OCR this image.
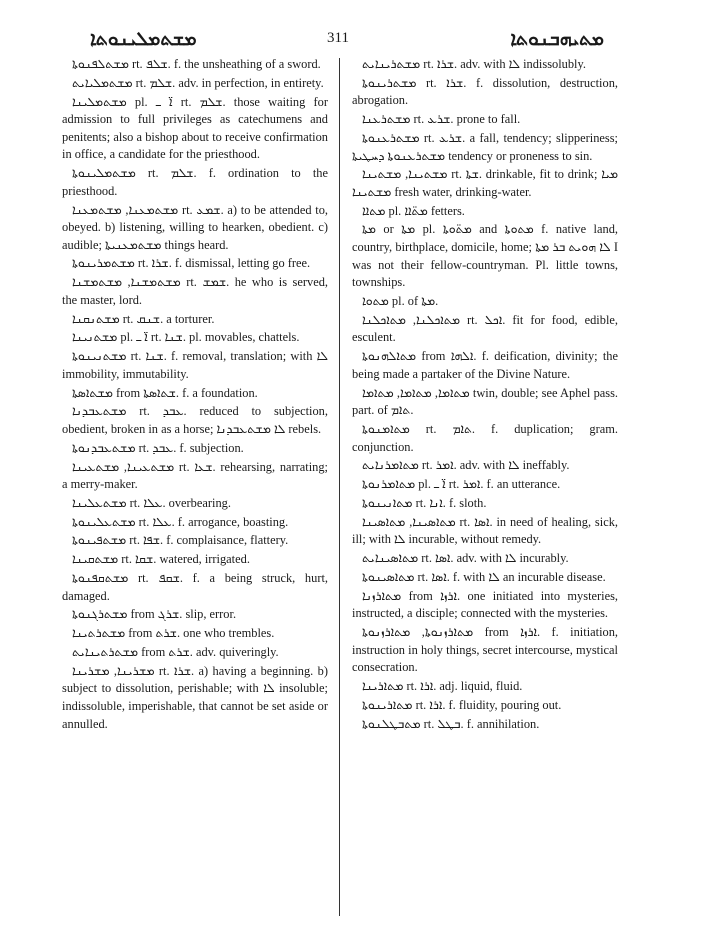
ܡܫܬܡܠܝܢܘܬܐ	311	ܡܬܝܗܒܢܘܬܐ

ܡܫܬܠܦܢܘܬܐ rt. ܫܠܦ. f. the unsheathing of a sword.

ܡܫܬܡܠܝܐܝܬ rt. ܫܠܡ. adv. in perfection, in entirety.

ܡܫܬܡܠܝܢܐ pl. ܐ̈ ـ rt. ܫܠܡ. those waiting for admission to full privileges as catechumens and penitents; also a bishop about to receive confirmation in office, a candidate for the priesthood.

ܡܫܬܡܠܝܢܘܬܐ rt. ܫܠܡ. f. ordination to the priesthood.

ܡܫܬܡܥܢܐ, ܡܫܬܡܥܢܐ rt. ܫܡܥ. a) to be attended to, obeyed. b) listening, willing to hearken, obedient. c) audible; ܡܫܬܡܥܢܝܬܐ things heard.

ܡܫܬܡܪܝܢܘܬܐ rt. ܫܪܐ. f. dismissal, letting go free.

ܡܫܬܡܫܢܐ, ܡܫܬܡܫܢܐ rt. ܫܡܫ. he who is served, the master, lord.

ܡܫܬܢܩܢܐ rt. ܫܢܩ. a torturer.

ܡܫܬܢܝܢܐ pl. ܐ̈ ـ rt. ܫܢܐ. pl. movables, chattels.

ܡܫܬܢܝܢܘܬܐ rt. ܫܢܐ. f. removal, translation; with ܠܐ immobility, immutability.

ܡܫܬܐܣܬܐ from ܫܬܐܣܬܐ. f. a foundation.

ܡܫܬܥܒܕܢܐ rt. ܥܒܕ. reduced to subjection, obedient, broken in as a horse; ܠܐ ܡܫܬܥܒܕܢܐ rebels.

ܡܫܬܥܒܕܢܘܬܐ rt. ܥܒܕ. f. subjection.

ܡܫܬܥܝܢܐ, ܡܫܬܥܝܢܐ rt. ܫܥܐ. rehearsing, narrating; a merry-maker.

ܡܫܬܥܠܝܢܐ rt. ܥܠܐ. overbearing.

ܡܫܬܥܠܝܢܘܬܐ rt. ܥܠܐ. f. arrogance, boasting.

ܡܫܬܦܝܢܘܬܐ rt. ܫܦܐ. f. complaisance, flattery.

ܡܫܬܩܝܢܐ rt. ܫܩܐ. watered, irrigated.

ܡܫܬܩܦܢܘܬܐ rt. ܫܩܦ. f. a being struck, hurt, damaged.

ܡܫܬܪܓܢܘܬܐ from ܫܪܓ. slip, error.

ܡܫܬܪܬܝܢܐ from ܫܪܬ. one who trembles.

ܡܫܬܪܬܝܢܐܝܬ from ܫܪܬ. adv. quiveringly.

ܡܫܪܝܢܐ, ܡܫܪܝܢܐ rt. ܫܪܐ. a) having a beginning. b) subject to dissolution, perishable; with ܠܐ insoluble; indissoluble, imperishable, that cannot be set aside or annulled.

ܡܫܬܪܝܢܐܝܬ rt. ܫܪܐ. adv. with ܠܐ indissolubly.

ܡܫܬܪܝܢܘܬܐ rt. ܫܪܐ. f. dissolution, destruction, abrogation.

ܡܫܬܪܥܢܐ rt. ܫܪܥ. prone to fall.

ܡܫܬܪܥܢܘܬܐ rt. ܫܪܥ. a fall, tendency; slipperiness; ܡܫܬܪܥܢܘܬܐ ܕܚܛܝܬܐ tendency or proneness to sin.

ܡܫܬܝܢܐ, ܡܫܬܝܢܐ rt. ܫܬܐ. drinkable, fit to drink; ܡܝܐ ܡܫܬܝܢܐ fresh water, drinking-water.

ܡܬܐܐ pl. ܡܬ̈ܐܐ fetters.

ܡܬܐ or ܡܬܐ pl. ܡܬ̈ܘܬܐ and ܡܬܘܬܐ f. native land, country, birthplace, domicile, home; ܠܐ ܗܘܝܬ ܒܪ ܡܬܐ I was not their fellow-countryman. Pl. little towns, townships.

ܡܬܘܐ pl. of ܡܬܐ.

ܡܬܐܟܠܢܐ, ܡܬܐܟܠܢܐ rt. ܐܟܠ. fit for food, edible, esculent.

ܡܬܐܠܗܢܘܬܐ from ܐܠܗܐ. f. deification, divinity; the being made a partaker of the Divine Nature.

ܡܬܐܡܐ, ܡܬܐܡܐ, ܡܬܐܡܐ twin, double; see Aphel pass. part. of ܬܐܡ.

ܡܬܐܡܢܘܬܐ rt. ܬܐܡ. f. duplication; gram. conjunction.

ܡܬܐܡܪܢܐܝܬ rt. ܐܡܪ. adv. with ܠܐ ineffably.

ܡܬܐܡܪܢܘܬܐ pl. ܐ̈ ـ rt. ܐܡܪ. f. an utterance.

ܡܬܐܢܝܢܘܬܐ rt. ܐܢܐ. f. sloth.

ܡܬܐܣܝܢܐ, ܡܬܐܣܝܢܐ rt. ܐܣܐ. in need of healing, sick, ill; with ܠܐ incurable, without remedy.

ܡܬܐܣܝܢܐܝܬ rt. ܐܣܐ. adv. with ܠܐ incurably.

ܡܬܐܣܝܢܘܬܐ rt. ܐܣܐ. f. with ܠܐ an incurable disease.

ܡܬܐܪܙܢܐ from ܐܪܙܐ. one initiated into mysteries, instructed, a disciple; connected with the mysteries.

ܡܬܐܪܙܢܘܬܐ, ܡܬܐܪܙܢܘܬܐ from ܐܪܙܐ. f. initiation, instruction in holy things, secret intercourse, mystical consecration.

ܡܬܐܪܝܢܐ rt. ܐܪܐ. adj. liquid, fluid.

ܡܬܐܪܝܢܘܬܐ rt. ܐܪܐ. f. fluidity, pouring out.

ܡܬܒܛܠܢܘܬܐ rt. ܒܛܠ. f. annihilation.
